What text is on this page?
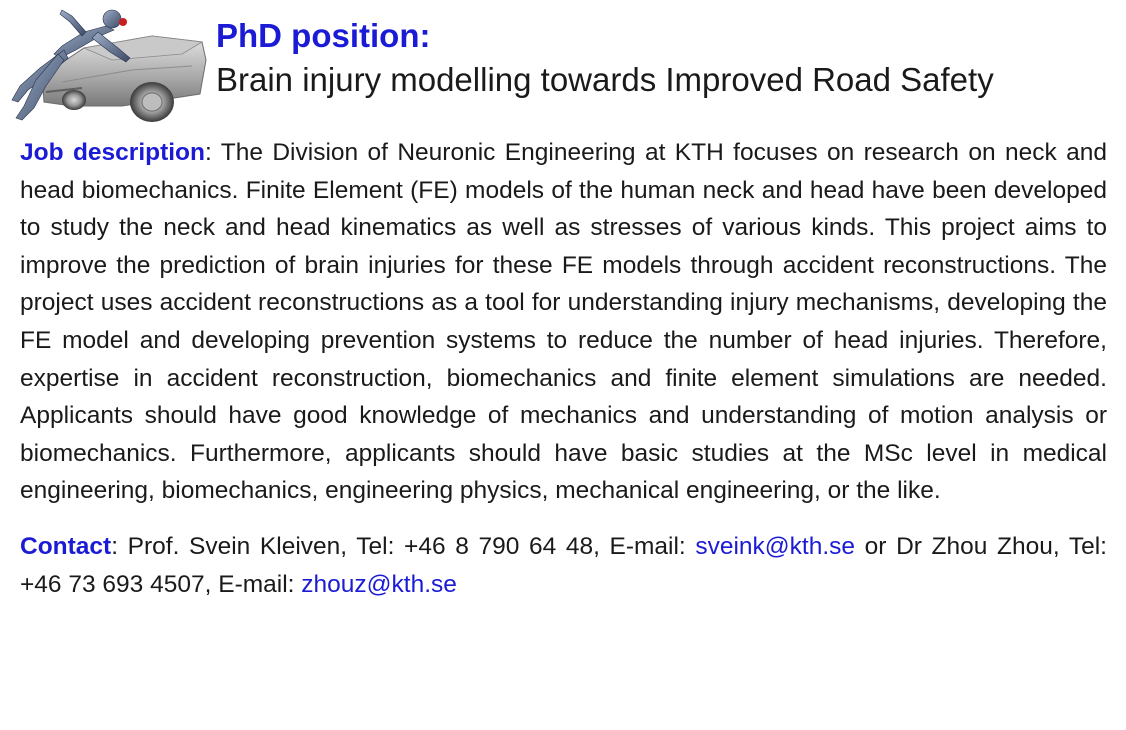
PhD position:

Brain injury modelling towards Improved Road Safety

Job description: The Division of Neuronic Engineering at KTH focuses on research on neck and head biomechanics. Finite Element (FE) models of the human neck and head have been developed to study the neck and head kinematics as well as stresses of various kinds. This project aims to improve the prediction of brain injuries for these FE models through accident reconstructions. The project uses accident reconstructions as a tool for understanding injury mechanisms, developing the FE model and developing prevention systems to reduce the number of head injuries. Therefore, expertise in accident reconstruction, biomechanics and finite element simulations are needed. Applicants should have good knowledge of mechanics and understanding of motion analysis or biomechanics. Furthermore, applicants should have basic studies at the MSc level in medical engineering, biomechanics, engineering physics, mechanical engineering, or the like.

Contact: Prof. Svein Kleiven, Tel: +46 8 790 64 48, E-mail: sveink@kth.se or Dr Zhou Zhou, Tel: +46 73 693 4507, E-mail: zhouz@kth.se
